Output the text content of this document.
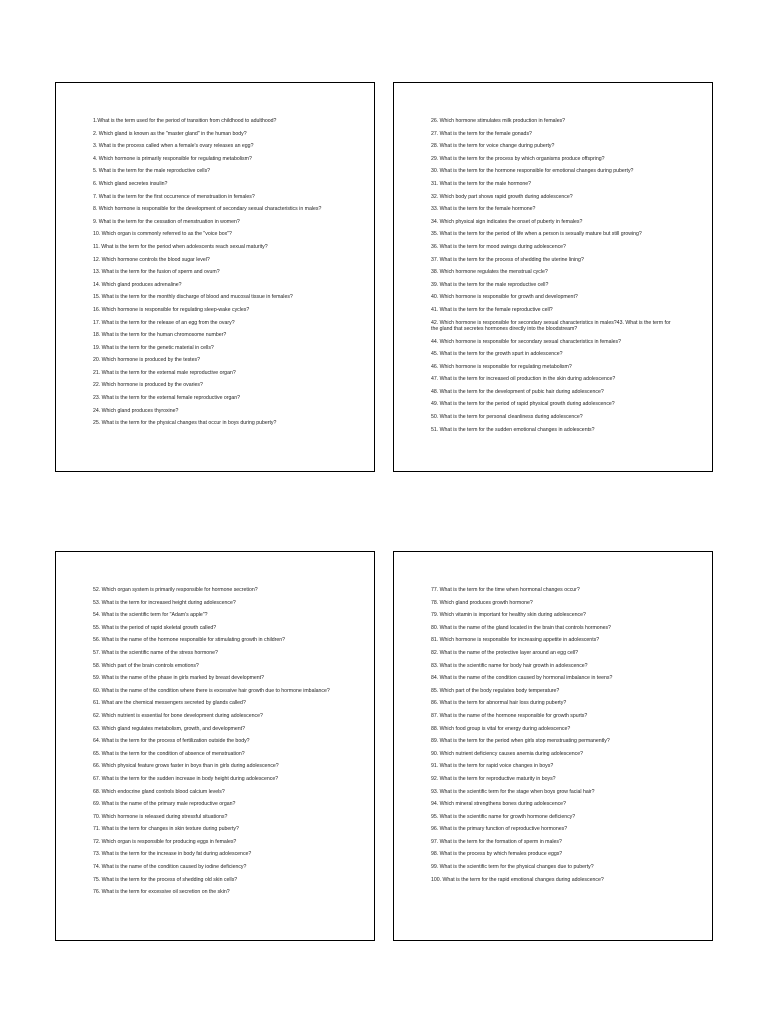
1.What is the term used for the period of transition from childhood to adulthood?
2. Which gland is known as the "master gland" in the human body?
3. What is the process called when a female's ovary releases an egg?
4. Which hormone is primarily responsible for regulating metabolism?
5. What is the term for the male reproductive cells?
6. Which gland secretes insulin?
7. What is the term for the first occurrence of menstruation in females?
8. Which hormone is responsible for the development of secondary sexual characteristics in males?
9. What is the term for the cessation of menstruation in women?
10. Which organ is commonly referred to as the "voice box"?
11. What is the term for the period when adolescents reach sexual maturity?
12. Which hormone controls the blood sugar level?
13. What is the term for the fusion of sperm and ovum?
14. Which gland produces adrenaline?
15. What is the term for the monthly discharge of blood and mucosal tissue in females?
16. Which hormone is responsible for regulating sleep-wake cycles?
17. What is the term for the release of an egg from the ovary?
18. What is the term for the human chromosome number?
19. What is the term for the genetic material in cells?
20. Which hormone is produced by the testes?
21. What is the term for the external male reproductive organ?
22. Which hormone is produced by the ovaries?
23. What is the term for the external female reproductive organ?
24. Which gland produces thyroxine?
25. What is the term for the physical changes that occur in boys during puberty?
26. Which hormone stimulates milk production in females?
27. What is the term for the female gonads?
28. What is the term for voice change during puberty?
29. What is the term for the process by which organisms produce offspring?
30. What is the term for the hormone responsible for emotional changes during puberty?
31. What is the term for the male hormone?
32. Which body part shows rapid growth during adolescence?
33. What is the term for the female hormone?
34. Which physical sign indicates the onset of puberty in females?
35. What is the term for the period of life when a person is sexually mature but still growing?
36. What is the term for mood swings during adolescence?
37. What is the term for the process of shedding the uterine lining?
38. Which hormone regulates the menstrual cycle?
39. What is the term for the male reproductive cell?
40. Which hormone is responsible for growth and development?
41. What is the term for the female reproductive cell?
42. Which hormone is responsible for secondary sexual characteristics in males?43. What is the term for the gland that secretes hormones directly into the bloodstream?
44. Which hormone is responsible for secondary sexual characteristics in females?
45. What is the term for the growth spurt in adolescence?
46. Which hormone is responsible for regulating metabolism?
47. What is the term for increased oil production in the skin during adolescence?
48. What is the term for the development of pubic hair during adolescence?
49. What is the term for the period of rapid physical growth during adolescence?
50. What is the term for personal cleanliness during adolescence?
51. What is the term for the sudden emotional changes in adolescents?
52. Which organ system is primarily responsible for hormone secretion?
53. What is the term for increased height during adolescence?
54. What is the scientific term for "Adam's apple"?
55. What is the period of rapid skeletal growth called?
56. What is the name of the hormone responsible for stimulating growth in children?
57. What is the scientific name of the stress hormone?
58. Which part of the brain controls emotions?
59. What is the name of the phase in girls marked by breast development?
60. What is the name of the condition where there is excessive hair growth due to hormone imbalance?
61. What are the chemical messengers secreted by glands called?
62. Which nutrient is essential for bone development during adolescence?
63. Which gland regulates metabolism, growth, and development?
64. What is the term for the process of fertilization outside the body?
65. What is the term for the condition of absence of menstruation?
66. Which physical feature grows faster in boys than in girls during adolescence?
67. What is the term for the sudden increase in body height during adolescence?
68. Which endocrine gland controls blood calcium levels?
69. What is the name of the primary male reproductive organ?
70. Which hormone is released during stressful situations?
71. What is the term for changes in skin texture during puberty?
72. Which organ is responsible for producing eggs in females?
73. What is the term for the increase in body fat during adolescence?
74. What is the name of the condition caused by iodine deficiency?
75. What is the term for the process of shedding old skin cells?
76. What is the term for excessive oil secretion on the skin?
77. What is the term for the time when hormonal changes occur?
78. Which gland produces growth hormone?
79. Which vitamin is important for healthy skin during adolescence?
80. What is the name of the gland located in the brain that controls hormones?
81. Which hormone is responsible for increasing appetite in adolescents?
82. What is the name of the protective layer around an egg cell?
83. What is the scientific name for body hair growth in adolescence?
84. What is the name of the condition caused by hormonal imbalance in teens?
85. Which part of the body regulates body temperature?
86. What is the term for abnormal hair loss during puberty?
87. What is the name of the hormone responsible for growth spurts?
88. Which food group is vital for energy during adolescence?
89. What is the term for the period when girls stop menstruating permanently?
90. Which nutrient deficiency causes anemia during adolescence?
91. What is the term for rapid voice changes in boys?
92. What is the term for reproductive maturity in boys?
93. What is the scientific term for the stage when boys grow facial hair?
94. Which mineral strengthens bones during adolescence?
95. What is the scientific name for growth hormone deficiency?
96. What is the primary function of reproductive hormones?
97. What is the term for the formation of sperm in males?
98. What is the process by which females produce eggs?
99. What is the scientific term for the physical changes due to puberty?
100. What is the term for the rapid emotional changes during adolescence?
